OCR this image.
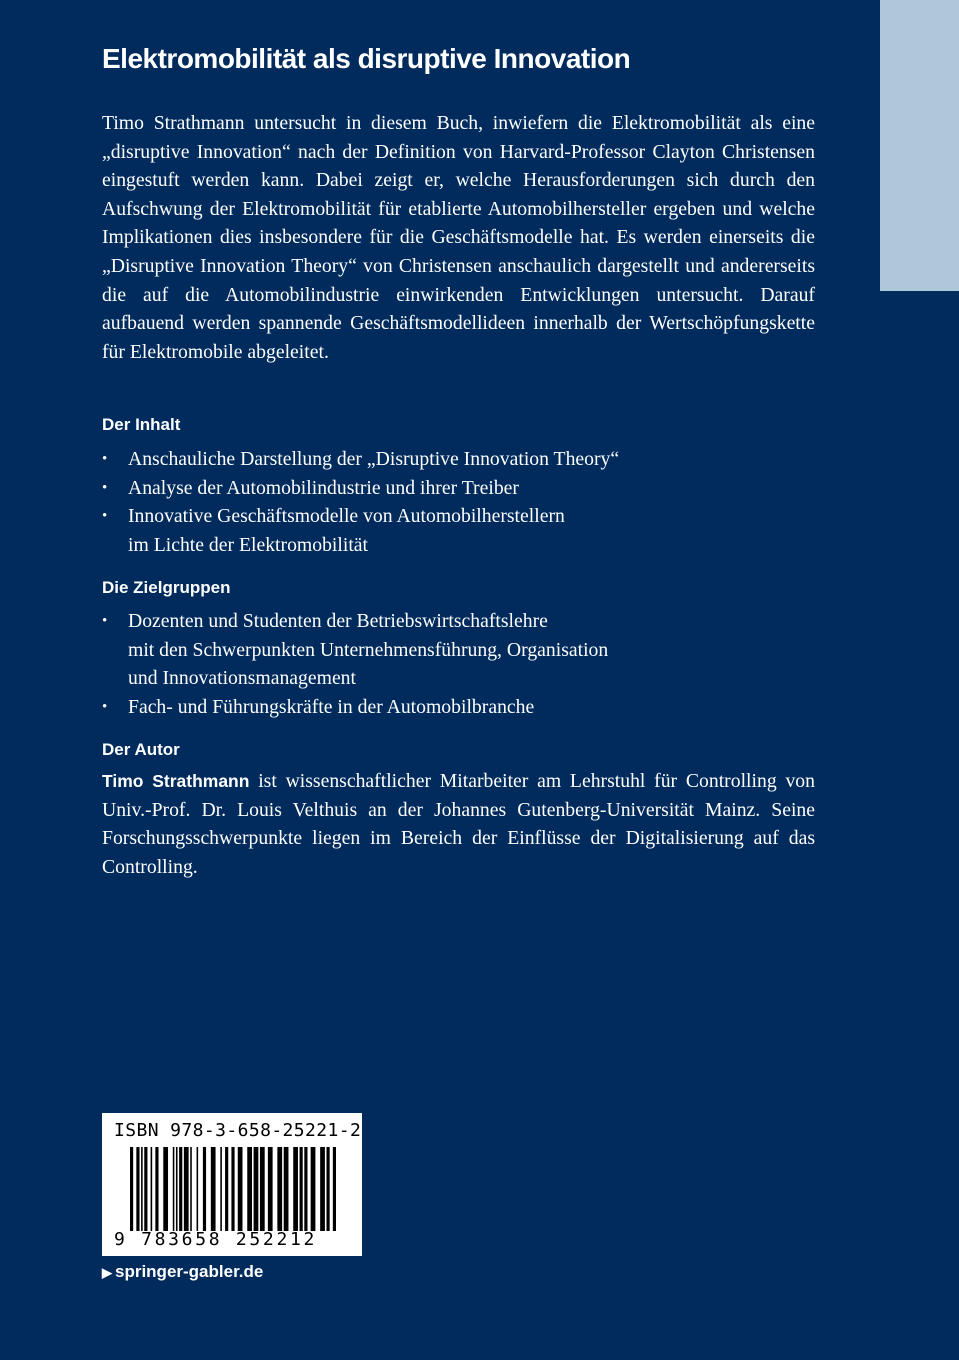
Elektromobilität als disruptive Innovation

Timo Strathmann untersucht in diesem Buch, inwiefern die Elektromobilität als eine „disruptive Innovation“ nach der Definition von Harvard-Professor Clayton Christensen eingestuft werden kann. Dabei zeigt er, welche Herausforderungen sich durch den Aufschwung der Elektromobilität für etablierte Automobilhersteller ergeben und welche Implikationen dies insbesondere für die Geschäftsmodelle hat. Es werden einerseits die „Disruptive Innovation Theory“ von Christensen anschaulich dargestellt und andererseits die auf die Automobilindustrie einwirkenden Entwicklungen untersucht. Darauf aufbauend werden spannende Geschäftsmodellideen innerhalb der Wertschöpfungskette für Elektromobile abgeleitet.

Der Inhalt
• Anschauliche Darstellung der „Disruptive Innovation Theory“
• Analyse der Automobilindustrie und ihrer Treiber
• Innovative Geschäftsmodelle von Automobilherstellern
im Lichte der Elektromobilität
Die Zielgruppen
• Dozenten und Studenten der Betriebswirtschaftslehre
mit den Schwerpunkten Unternehmensführung, Organisation
und Innovationsmanagement
• Fach- und Führungskräfte in der Automobilbranche
Der Autor

Timo Strathmann ist wissenschaftlicher Mitarbeiter am Lehrstuhl für Controlling von Univ.-Prof. Dr. Louis Velthuis an der Johannes Gutenberg-Universität Mainz. Seine Forschungsschwerpunkte liegen im Bereich der Einflüsse der Digitalisierung auf das Controlling.

ISBN 978-3-658-25221-2
9 783658 252212
▶ springer-gabler.de
